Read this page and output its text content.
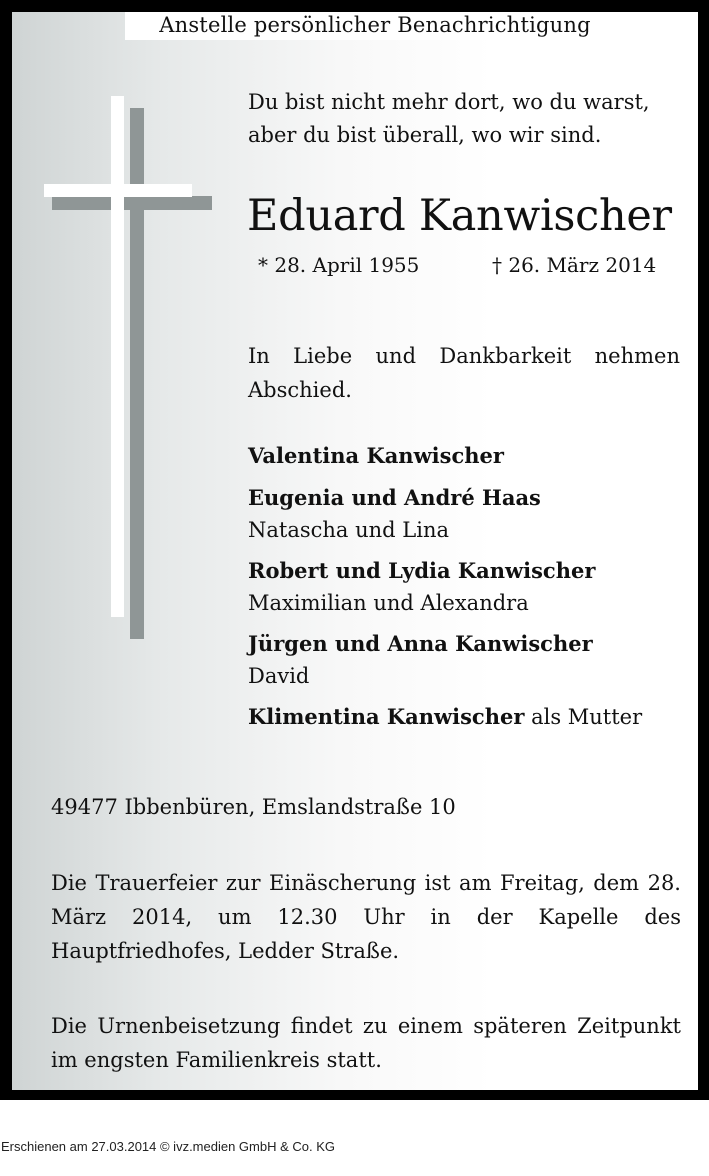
Anstelle persönlicher Benachrichtigung
Du bist nicht mehr dort, wo du warst, aber du bist überall, wo wir sind.
Eduard Kanwischer
* 28. April 1955	† 26. März 2014
In Liebe und Dankbarkeit nehmen Abschied.
Valentina Kanwischer
Eugenia und André Haas
Natascha und Lina
Robert und Lydia Kanwischer
Maximilian und Alexandra
Jürgen und Anna Kanwischer
David
Klimentina Kanwischer als Mutter
49477 Ibbenbüren, Emslandstraße 10
Die Trauerfeier zur Einäscherung ist am Freitag, dem 28. März 2014, um 12.30 Uhr in der Kapelle des Hauptfriedhofes, Ledder Straße.
Die Urnenbeisetzung findet zu einem späteren Zeitpunkt im engsten Familienkreis statt.
Erschienen am 27.03.2014 © ivz.medien GmbH & Co. KG
